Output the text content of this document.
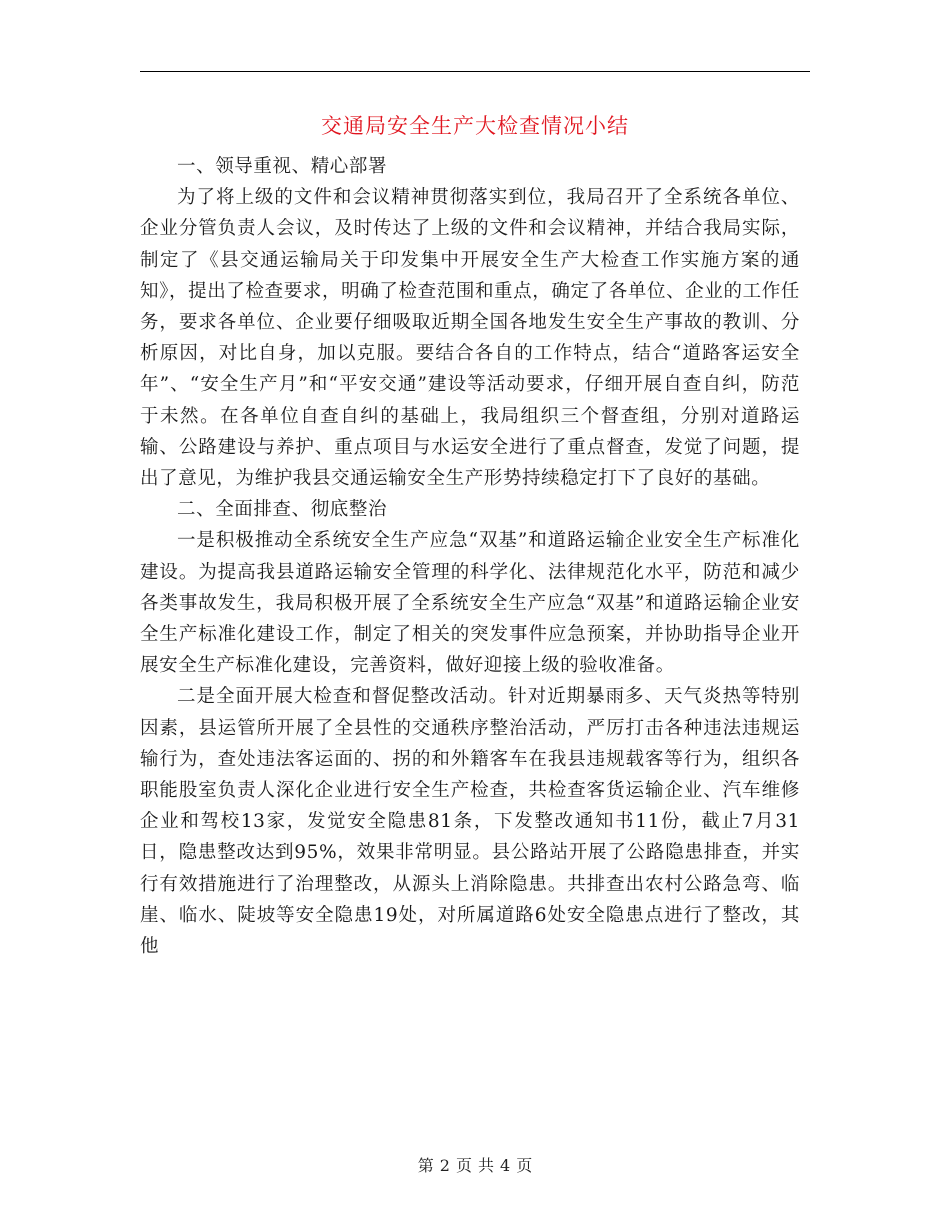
交通局安全生产大检查情况小结

一、领导重视、精心部署

为了将上级的文件和会议精神贯彻落实到位，我局召开了全系统各单位、企业分管负责人会议，及时传达了上级的文件和会议精神，并结合我局实际，制定了《县交通运输局关于印发集中开展安全生产大检查工作实施方案的通知》，提出了检查要求，明确了检查范围和重点，确定了各单位、企业的工作任务，要求各单位、企业要仔细吸取近期全国各地发生安全生产事故的教训、分析原因，对比自身，加以克服。要结合各自的工作特点，结合“道路客运安全年”、“安全生产月”和“平安交通”建设等活动要求，仔细开展自查自纠，防范于未然。在各单位自查自纠的基础上，我局组织三个督查组，分别对道路运输、公路建设与养护、重点项目与水运安全进行了重点督查，发觉了问题，提出了意见，为维护我县交通运输安全生产形势持续稳定打下了良好的基础。

二、全面排查、彻底整治

一是积极推动全系统安全生产应急“双基”和道路运输企业安全生产标准化建设。为提高我县道路运输安全管理的科学化、法律规范化水平，防范和减少各类事故发生，我局积极开展了全系统安全生产应急“双基”和道路运输企业安全生产标准化建设工作，制定了相关的突发事件应急预案，并协助指导企业开展安全生产标准化建设，完善资料，做好迎接上级的验收准备。

二是全面开展大检查和督促整改活动。针对近期暴雨多、天气炎热等特别因素，县运管所开展了全县性的交通秩序整治活动，严厉打击各种违法违规运输行为，查处违法客运面的、拐的和外籍客车在我县违规载客等行为，组织各职能股室负责人深化企业进行安全生产检查，共检查客货运输企业、汽车维修企业和驾校13家，发觉安全隐患81条，下发整改通知书11份，截止7月31日，隐患整改达到95%，效果非常明显。县公路站开展了公路隐患排查，并实行有效措施进行了治理整改，从源头上消除隐患。共排查出农村公路急弯、临崖、临水、陡坡等安全隐患19处，对所属道路6处安全隐患点进行了整改，其他

第 2 页 共 4 页
